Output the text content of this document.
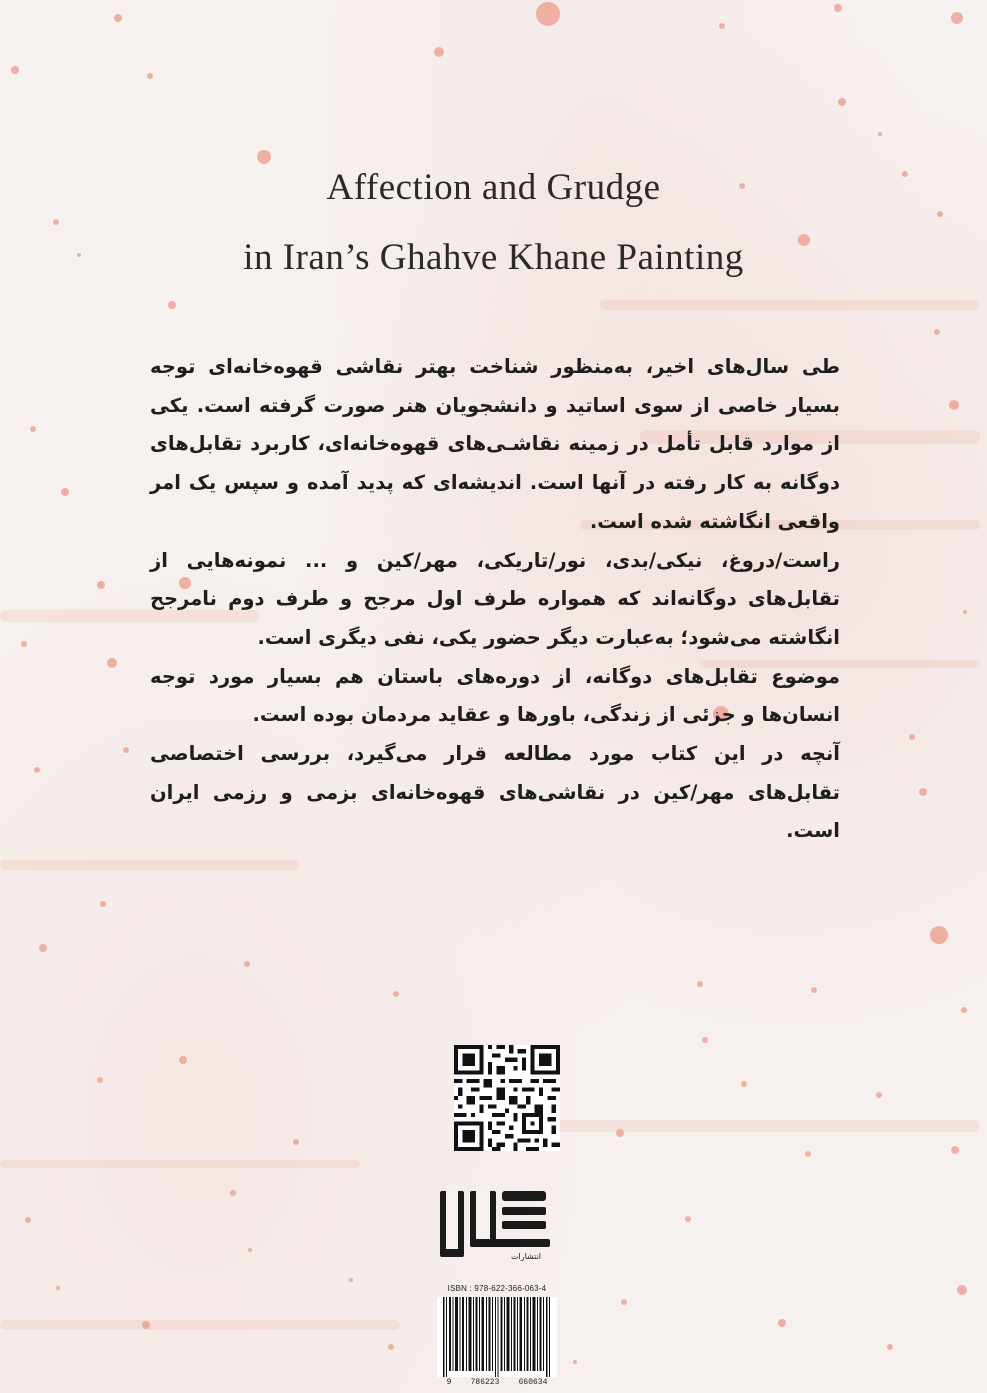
Affection and Grudge
in Iran’s Ghahve Khane Painting

طی سال‌های اخیر، به‌منظور شناخت بهتر نقاشی قهوه‌خانه‌ای توجه بسیار خاصی از سوی اساتید و دانشجویان هنر صورت گرفته است. یکی از موارد قابل تأمل در زمینه نقاشـی‌های قهوه‌خانه‌ای، کاربرد تقابل‌های دوگانه به کار رفته در آنها است. اندیشه‌ای که پدید آمده و سپس یک امر واقعی انگاشته شده است.

راست/دروغ، نیکی/بدی، نور/تاریکی، مهر/کین و ... نمونه‌هایی از تقابل‌های دوگانه‌اند که همواره طرف اول مرجح و طرف دوم نامرجح انگاشته می‌شود؛ به‌عبارت دیگر حضور یکی، نفی دیگری است.

موضوع تقابل‌های دوگانه، از دوره‌های باستان هم بسیار مورد توجه انسان‌ها و جزئی از زندگی، باورها و عقاید مردمان بوده است.

آنچه در این کتاب مورد مطالعه قرار می‌گیرد، بررسی اختصاصی تقابل‌های مهر/کین در نقاشی‌های قهوه‌خانه‌ای بزمی و رزمی ایران است.

انتشارات
ISBN : 978-622-366-063-4
9 786223 660634
